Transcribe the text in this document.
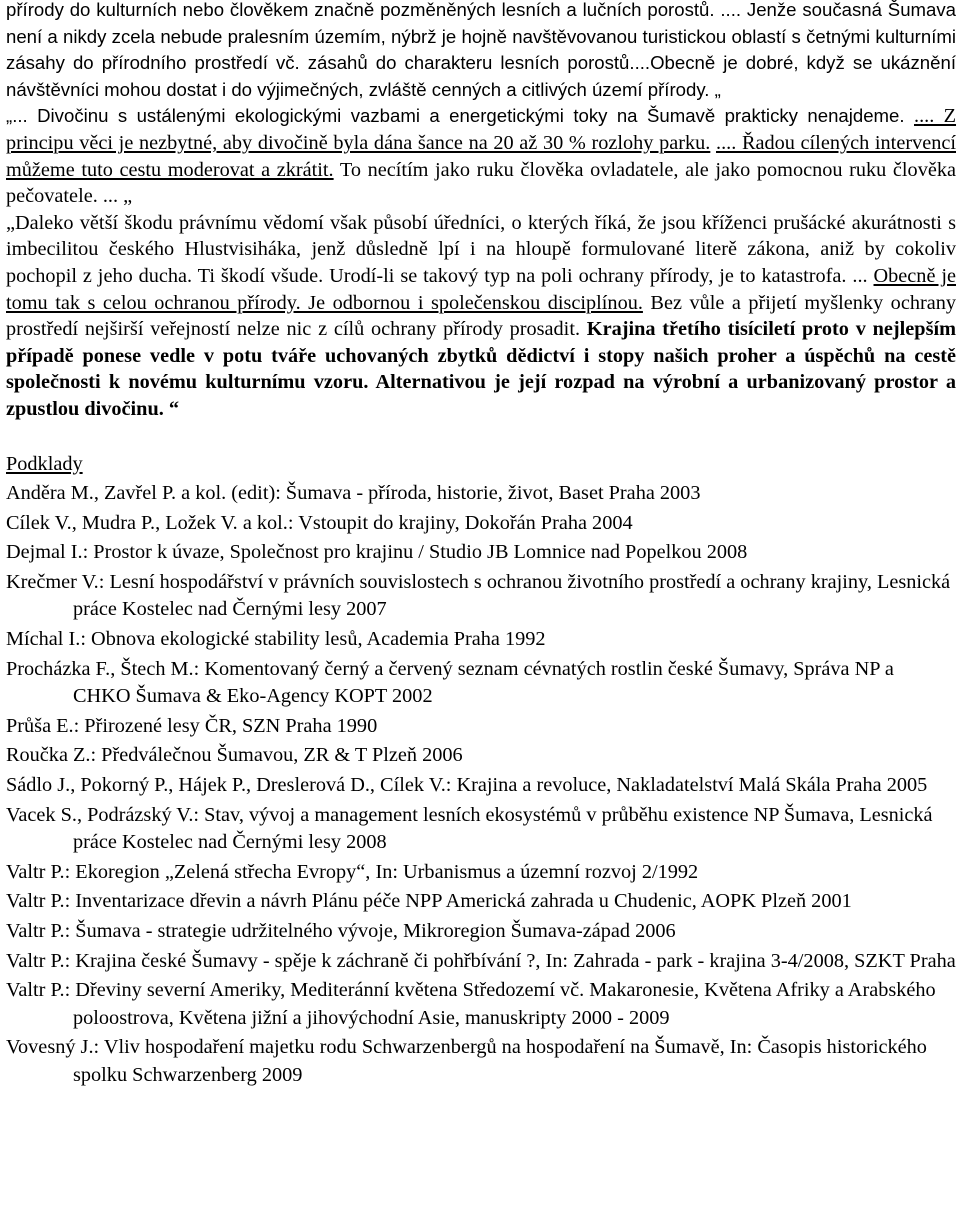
přírody do kulturních nebo člověkem značně pozměněných lesních a lučních porostů. .... Jenže současná Šumava není a nikdy zcela nebude pralesním územím, nýbrž je hojně navštěvovanou turistickou oblastí s četnými kulturními zásahy do přírodního prostředí vč. zásahů do charakteru lesních porostů....Obecně je dobré, když se ukáznění návštěvníci mohou dostat i do výjimečných, zvláště cenných a citlivých území přírody. „
„... Divočinu s ustálenými ekologickými vazbami a energetickými toky na Šumavě prakticky nenajdeme. .... Z principu věci je nezbytné, aby divočině byla dána šance na 20 až 30 % rozlohy parku. .... Řadou cílených intervencí můžeme tuto cestu moderovat a zkrátit. To necítím jako ruku člověka ovladatele, ale jako pomocnou ruku člověka pečovatele. ... „
„Daleko větší škodu právnímu vědomí však působí úředníci, o kterých říká, že jsou kříženci prušácké akurátnosti s imbecilitou českého Hlustvisiháka, jenž důsledně lpí i na hloupě formulované literě zákona, aniž by cokoliv pochopil z jeho ducha. Ti škodí všude. Urodí-li se takový typ na poli ochrany přírody, je to katastrofa. ... Obecně je tomu tak s celou ochranou přírody. Je odbornou i společenskou disciplínou. Bez vůle a přijetí myšlenky ochrany prostředí nejširší veřejností nelze nic z cílů ochrany přírody prosadit. Krajina třetího tisíciletí proto v nejlepším případě ponese vedle v potu tváře uchovaných zbytků dědictví i stopy našich proher a úspěchů na cestě společnosti k novému kulturnímu vzoru. Alternativou je její rozpad na výrobní a urbanizovaný prostor a zpustlou divočinu. “
Podklady
Anděra M., Zavřel P. a kol. (edit): Šumava - příroda, historie, život, Baset Praha 2003
Cílek V., Mudra P., Ložek V. a kol.: Vstoupit do krajiny, Dokořán Praha 2004
Dejmal I.: Prostor k úvaze, Společnost pro krajinu / Studio JB Lomnice nad Popelkou 2008
Krečmer V.: Lesní hospodářství v právních souvislostech s ochranou životního prostředí a ochrany krajiny, Lesnická práce Kostelec nad Černými lesy 2007
Míchal I.: Obnova ekologické stability lesů, Academia Praha 1992
Procházka F., Štech M.: Komentovaný černý a červený seznam cévnatých rostlin české Šumavy, Správa NP a CHKO Šumava & Eko-Agency KOPT 2002
Průša E.: Přirozené lesy ČR, SZN Praha 1990
Roučka Z.: Předválečnou Šumavou, ZR & T Plzeň 2006
Sádlo J., Pokorný P., Hájek P., Dreslerová D., Cílek V.: Krajina a revoluce, Nakladatelství Malá Skála Praha 2005
Vacek S., Podrázský V.: Stav, vývoj a management lesních ekosystémů v průběhu existence NP Šumava, Lesnická práce Kostelec nad Černými lesy 2008
Valtr P.: Ekoregion „Zelená střecha Evropy“, In: Urbanismus a územní rozvoj 2/1992
Valtr P.: Inventarizace dřevin a návrh Plánu péče NPP Americká zahrada u Chudenic, AOPK Plzeň 2001
Valtr P.: Šumava - strategie udržitelného vývoje, Mikroregion Šumava-západ 2006
Valtr P.: Krajina české Šumavy - spěje k záchraně či pohřbívání ?, In: Zahrada - park - krajina 3-4/2008, SZKT Praha
Valtr P.: Dřeviny severní Ameriky, Mediteránní květena Středozemí vč. Makaronesie, Květena Afriky a Arabského poloostrova, Květena jižní a jihovýchodní Asie, manuskripty 2000 - 2009
Vovesný J.: Vliv hospodaření majetku rodu Schwarzenbergů na hospodaření na Šumavě, In: Časopis historického spolku Schwarzenberg 2009
